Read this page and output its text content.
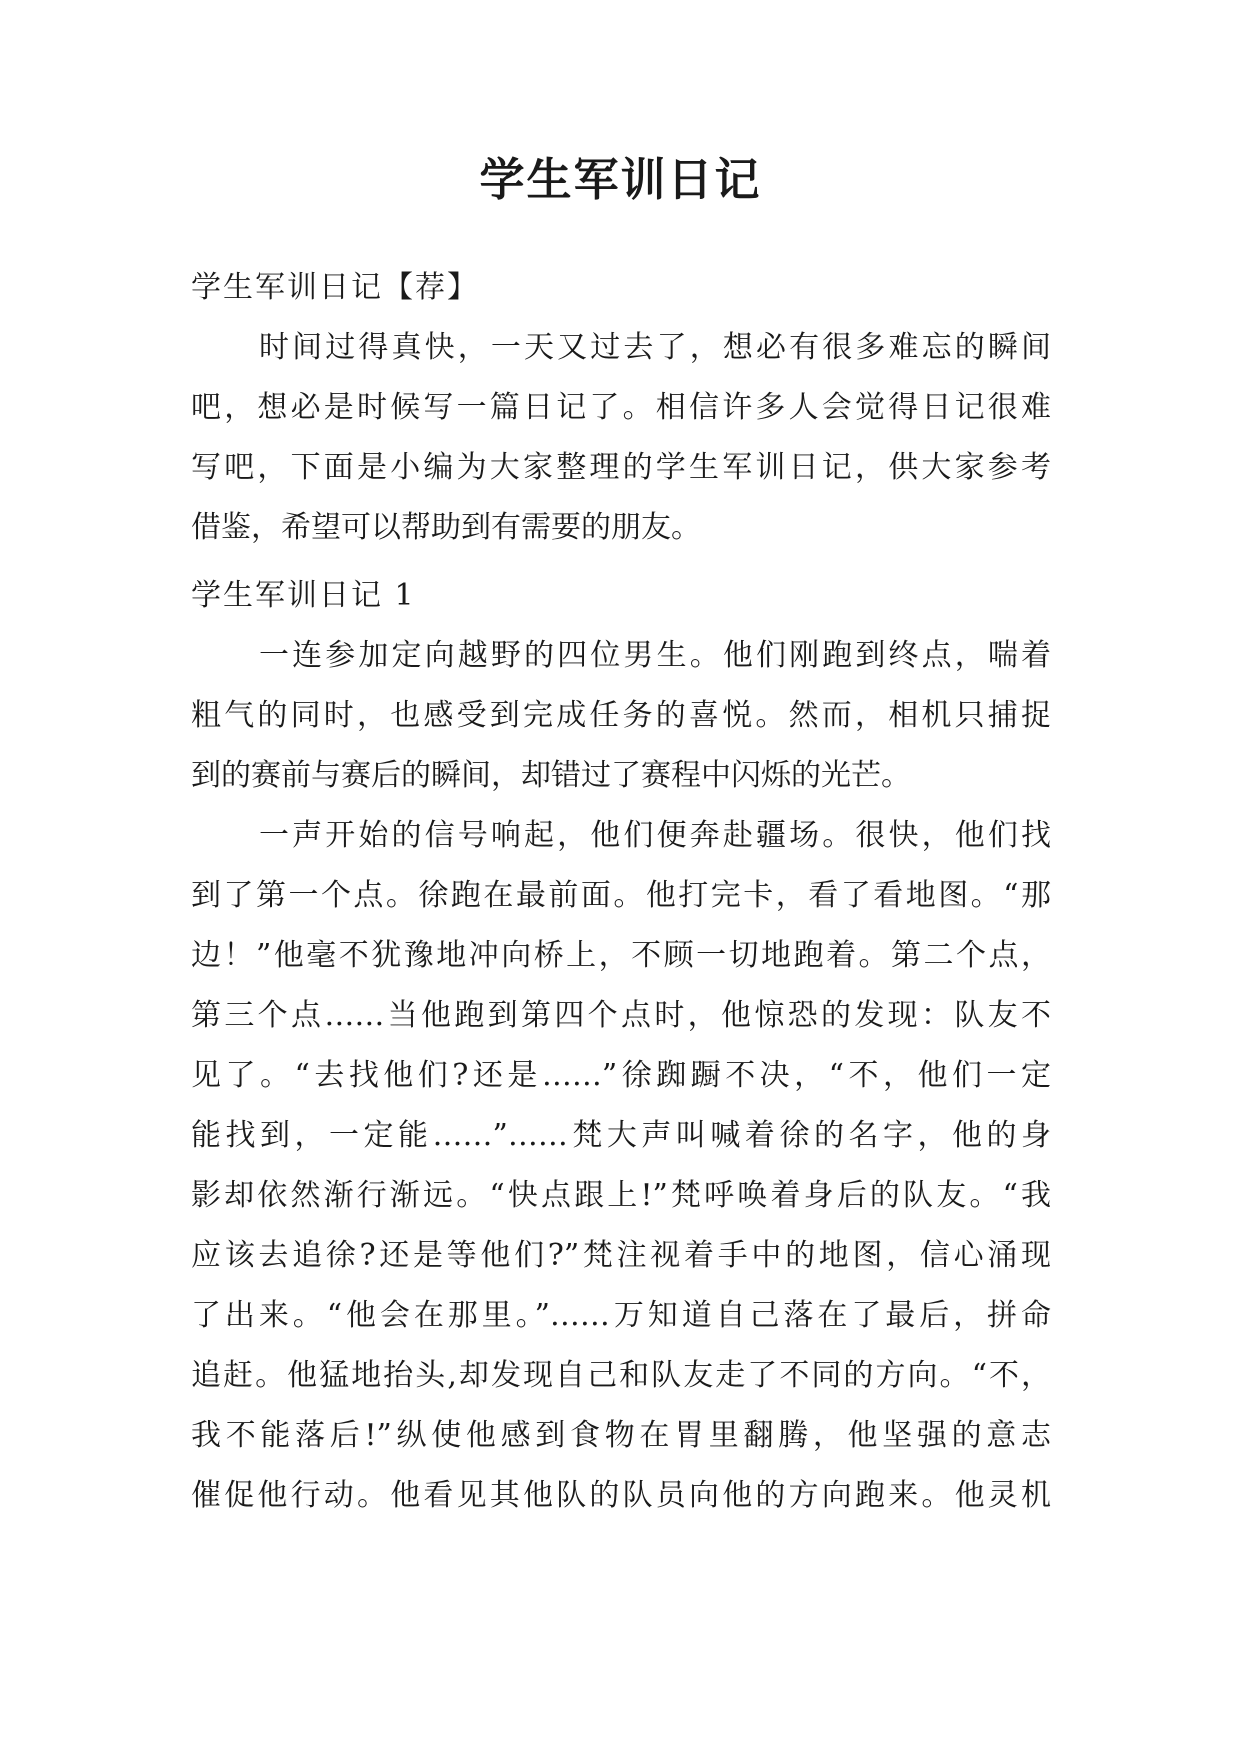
学生军训日记
学生军训日记【荐】
时间过得真快，一天又过去了，想必有很多难忘的瞬间
吧，想必是时候写一篇日记了。相信许多人会觉得日记很难
写吧，下面是小编为大家整理的学生军训日记，供大家参考
借鉴，希望可以帮助到有需要的朋友。
学生军训日记 1
一连参加定向越野的四位男生。他们刚跑到终点，喘着
粗气的同时，也感受到完成任务的喜悦。然而，相机只捕捉
到的赛前与赛后的瞬间，却错过了赛程中闪烁的光芒。
一声开始的信号响起，他们便奔赴疆场。很快，他们找
到了第一个点。徐跑在最前面。他打完卡，看了看地图。“那
边！”他毫不犹豫地冲向桥上，不顾一切地跑着。第二个点，
第三个点……当他跑到第四个点时，他惊恐的发现：队友不
见了。“去找他们?还是……”徐踟蹰不决，“不，他们一定
能找到，一定能……”……梵大声叫喊着徐的名字，他的身
影却依然渐行渐远。“快点跟上!”梵呼唤着身后的队友。“我
应该去追徐?还是等他们?”梵注视着手中的地图，信心涌现
了出来。“他会在那里。”……万知道自己落在了最后，拼命
追赶。他猛地抬头,却发现自己和队友走了不同的方向。“不，
我不能落后!”纵使他感到食物在胃里翻腾，他坚强的意志
催促他行动。他看见其他队的队员向他的方向跑来。他灵机
